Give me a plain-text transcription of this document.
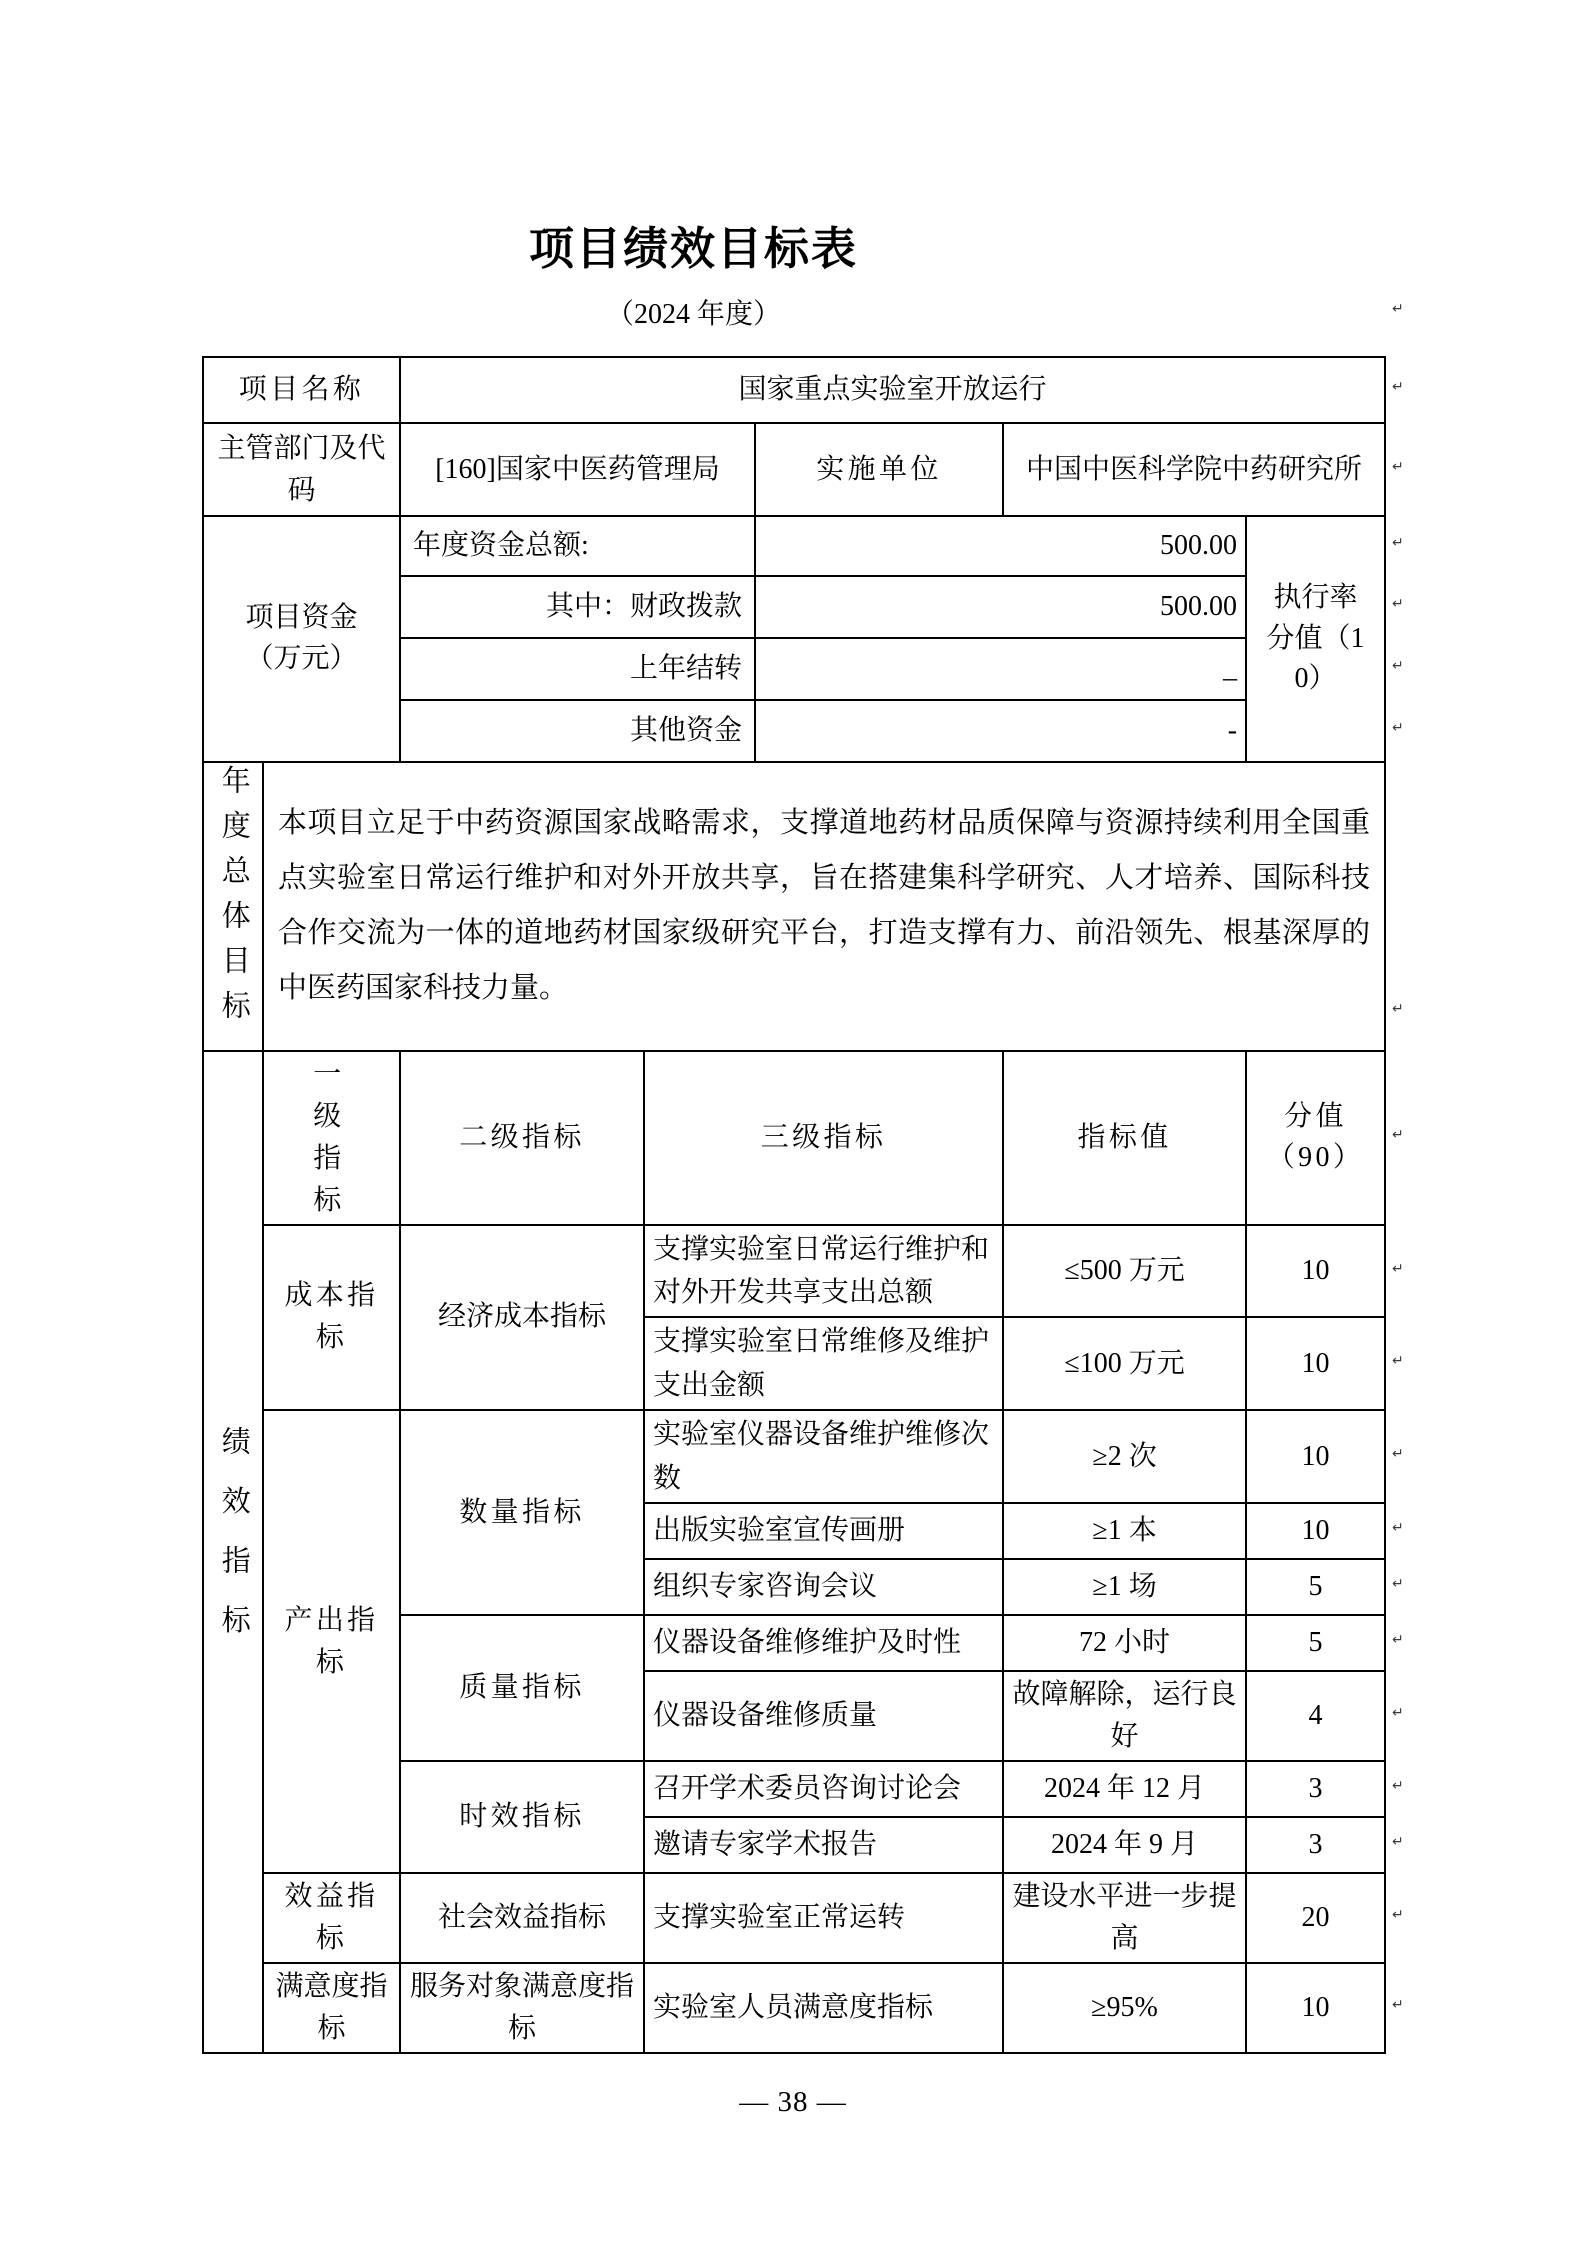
项目绩效目标表
（2024 年度）
项目名称		国家重点实验室开放运行				
主管部门及代码		[160]国家中医药管理局		实施单位	中国中医科学院中药研究所	

项目资金
（万元）		年度资金总额:		500.00		执行率
分值（10）

		其中：财政拨款		500.00		
		上年结转		_		
		其他资金		-		
年度总体目标	本项目立足于中药资源国家战略需求，支撑道地药材品质保障与资源持续利用全国重点实验室日常运行维护和对外开放共享，旨在搭建集科学研究、人才培养、国际科技合作交流为一体的道地药材国家级研究平台，打造支撑有力、前沿领先、根基深厚的中医药国家科技力量。					
绩效指标	一级指标	二级指标	三级指标		指标值	分值
（90）

	成本指标	经济成本指标	支撑实验室日常运行维护和对外开发共享支出总额		≤500 万元	10
			支撑实验室日常维修及维护支出金额		≤100 万元	10
	产出指标	数量指标	实验室仪器设备维护维修次数		≥2 次	10
			出版实验室宣传画册		≥1 本	10
			组织专家咨询会议		≥1 场	5
		质量指标	仪器设备维修维护及时性		72 小时	5
			仪器设备维修质量		故障解除，运行良好	4
		时效指标	召开学术委员咨询讨论会		2024 年 12 月	3
			邀请专家学术报告		2024 年 9 月	3
	效益指标	社会效益指标	支撑实验室正常运转		建设水平进一步提高	20
	满意度指标	服务对象满意度指标	实验室人员满意度指标		≥95%	10
↵
↵
↵
↵
↵
↵
↵
↵
↵
↵
↵
↵
↵
↵
↵
↵
↵
↵
↵
↵
— 38 —
